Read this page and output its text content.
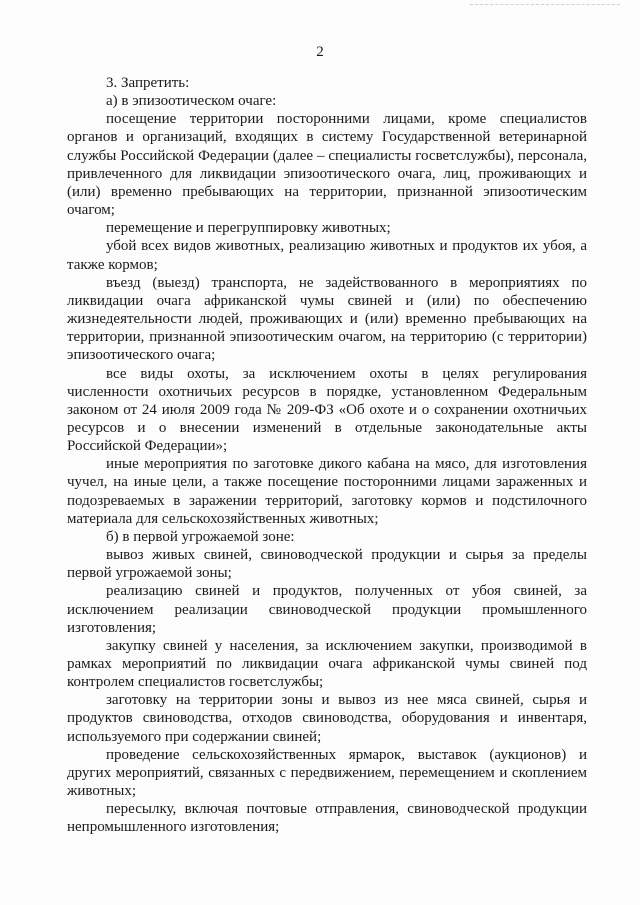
2

3. Запретить:

а) в эпизоотическом очаге:

посещение территории посторонними лицами, кроме специалистов органов и организаций, входящих в систему Государственной ветеринарной службы Российской Федерации (далее – специалисты госветслужбы), персонала, привлеченного для ликвидации эпизоотического очага, лиц, проживающих и (или) временно пребывающих на территории, признанной эпизоотическим очагом;

перемещение и перегруппировку животных;

убой всех видов животных, реализацию животных и продуктов их убоя, а также кормов;

въезд (выезд) транспорта, не задействованного в мероприятиях по ликвидации очага африканской чумы свиней и (или) по обеспечению жизнедеятельности людей, проживающих и (или) временно пребывающих на территории, признанной эпизоотическим очагом, на территорию (с территории) эпизоотического очага;

все виды охоты, за исключением охоты в целях регулирования численности охотничьих ресурсов в порядке, установленном Федеральным законом от 24 июля 2009 года № 209-ФЗ «Об охоте и о сохранении охотничьих ресурсов и о внесении изменений в отдельные законодательные акты Российской Федерации»;

иные мероприятия по заготовке дикого кабана на мясо, для изготовления чучел, на иные цели, а также посещение посторонними лицами зараженных и подозреваемых в заражении территорий, заготовку кормов и подстилочного материала для сельскохозяйственных животных;

б) в первой угрожаемой зоне:

вывоз живых свиней, свиноводческой продукции и сырья за пределы первой угрожаемой зоны;

реализацию свиней и продуктов, полученных от убоя свиней, за исключением реализации свиноводческой продукции промышленного изготовления;

закупку свиней у населения, за исключением закупки, производимой в рамках мероприятий по ликвидации очага африканской чумы свиней под контролем специалистов госветслужбы;

заготовку на территории зоны и вывоз из нее мяса свиней, сырья и продуктов свиноводства, отходов свиноводства, оборудования и инвентаря, используемого при содержании свиней;

проведение сельскохозяйственных ярмарок, выставок (аукционов) и других мероприятий, связанных с передвижением, перемещением и скоплением животных;

пересылку, включая почтовые отправления, свиноводческой продукции непромышленного изготовления;
